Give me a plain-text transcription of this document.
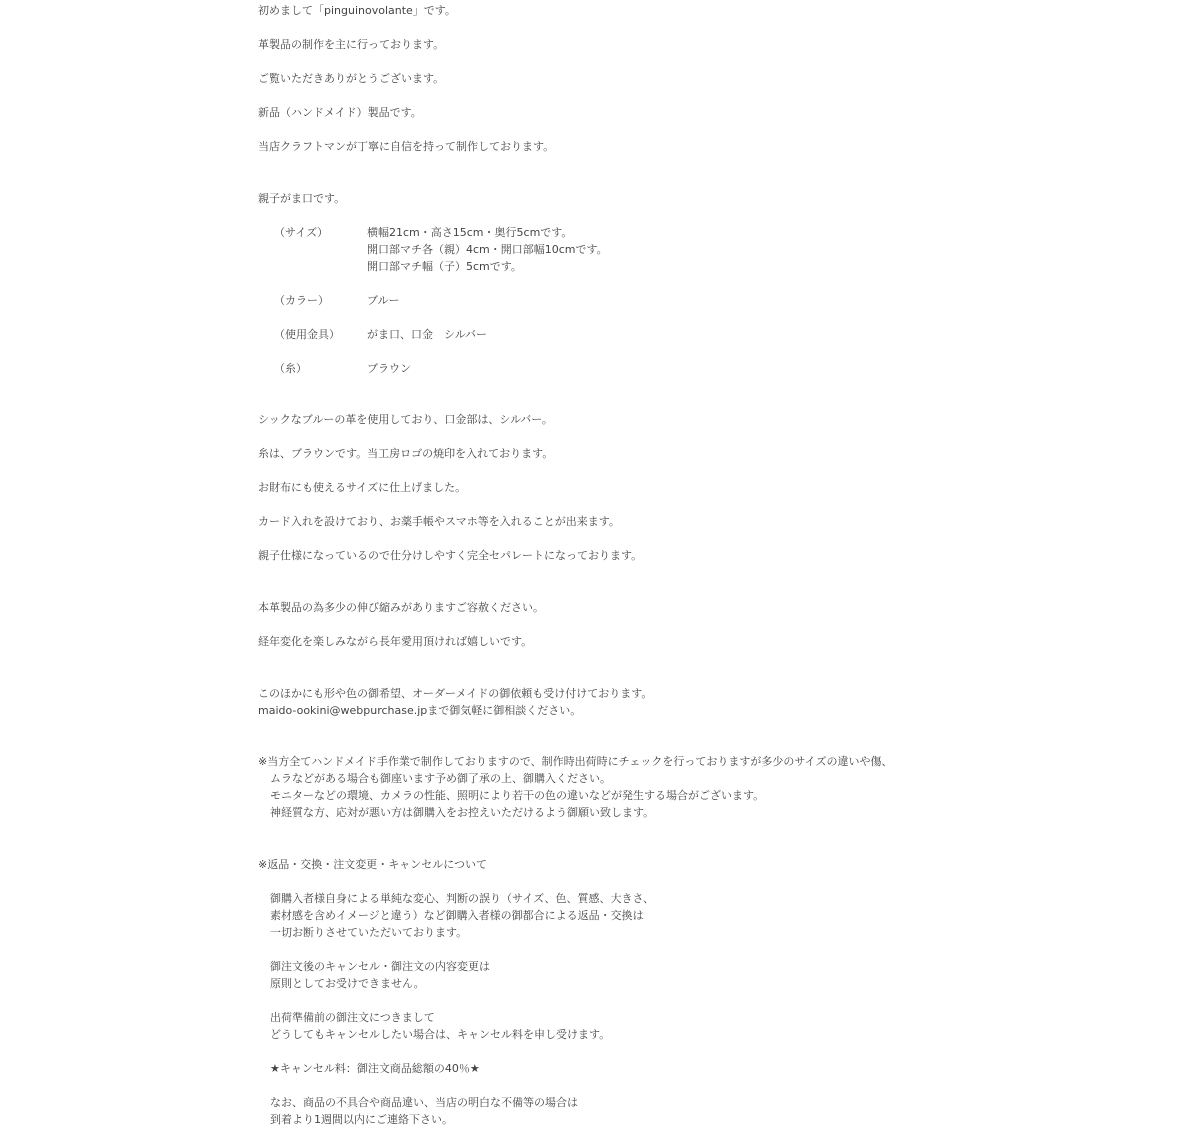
初めまして「pinguinovolante」です。
革製品の制作を主に行っております。
ご覧いただきありがとうございます。
新品（ハンドメイド）製品です。
当店クラフトマンが丁寧に自信を持って制作しております。
親子がま口です。
（サイズ）	横幅21cm・高さ15cm・奥行5cmです。
開口部マチ各（親）4cm・開口部幅10cmです。
開口部マチ幅（子）5cmです。
（カラー）	ブルー
（使用金具） がま口、口金　シルバー
（糸）	ブラウン
シックなブルーの革を使用しており、口金部は、シルバー。
糸は、ブラウンです。当工房ロゴの焼印を入れております。
お財布にも使えるサイズに仕上げました。
カード入れを設けており、お薬手帳やスマホ等を入れることが出来ます。
親子仕様になっているので仕分けしやすく完全セパレートになっております。
本革製品の為多少の伸び縮みがありますご容赦ください。
経年変化を楽しみながら長年愛用頂ければ嬉しいです。
このほかにも形や色の御希望、オーダーメイドの御依頼も受け付けております。
maido-ookini@webpurchase.jpまで御気軽に御相談ください。
※当方全てハンドメイド手作業で制作しておりますので、制作時出荷時にチェックを行っておりますが多少のサイズの違いや傷、
ムラなどがある場合も御座います予め御了承の上、御購入ください。
モニターなどの環境、カメラの性能、照明により若干の色の違いなどが発生する場合がございます。
神経質な方、応対が悪い方は御購入をお控えいただけるよう御願い致します。
※返品・交換・注文変更・キャンセルについて
御購入者様自身による単純な変心、判断の誤り（サイズ、色、質感、大きさ、
素材感を含めイメージと違う）など御購入者様の御都合による返品・交換は
一切お断りさせていただいております。
御注文後のキャンセル・御注文の内容変更は
原則としてお受けできません。
出荷準備前の御注文につきまして
どうしてもキャンセルしたい場合は、キャンセル料を申し受けます。
★キャンセル料：御注文商品総額の40％★
なお、商品の不具合や商品違い、当店の明白な不備等の場合は
到着より1週間以内にご連絡下さい。
